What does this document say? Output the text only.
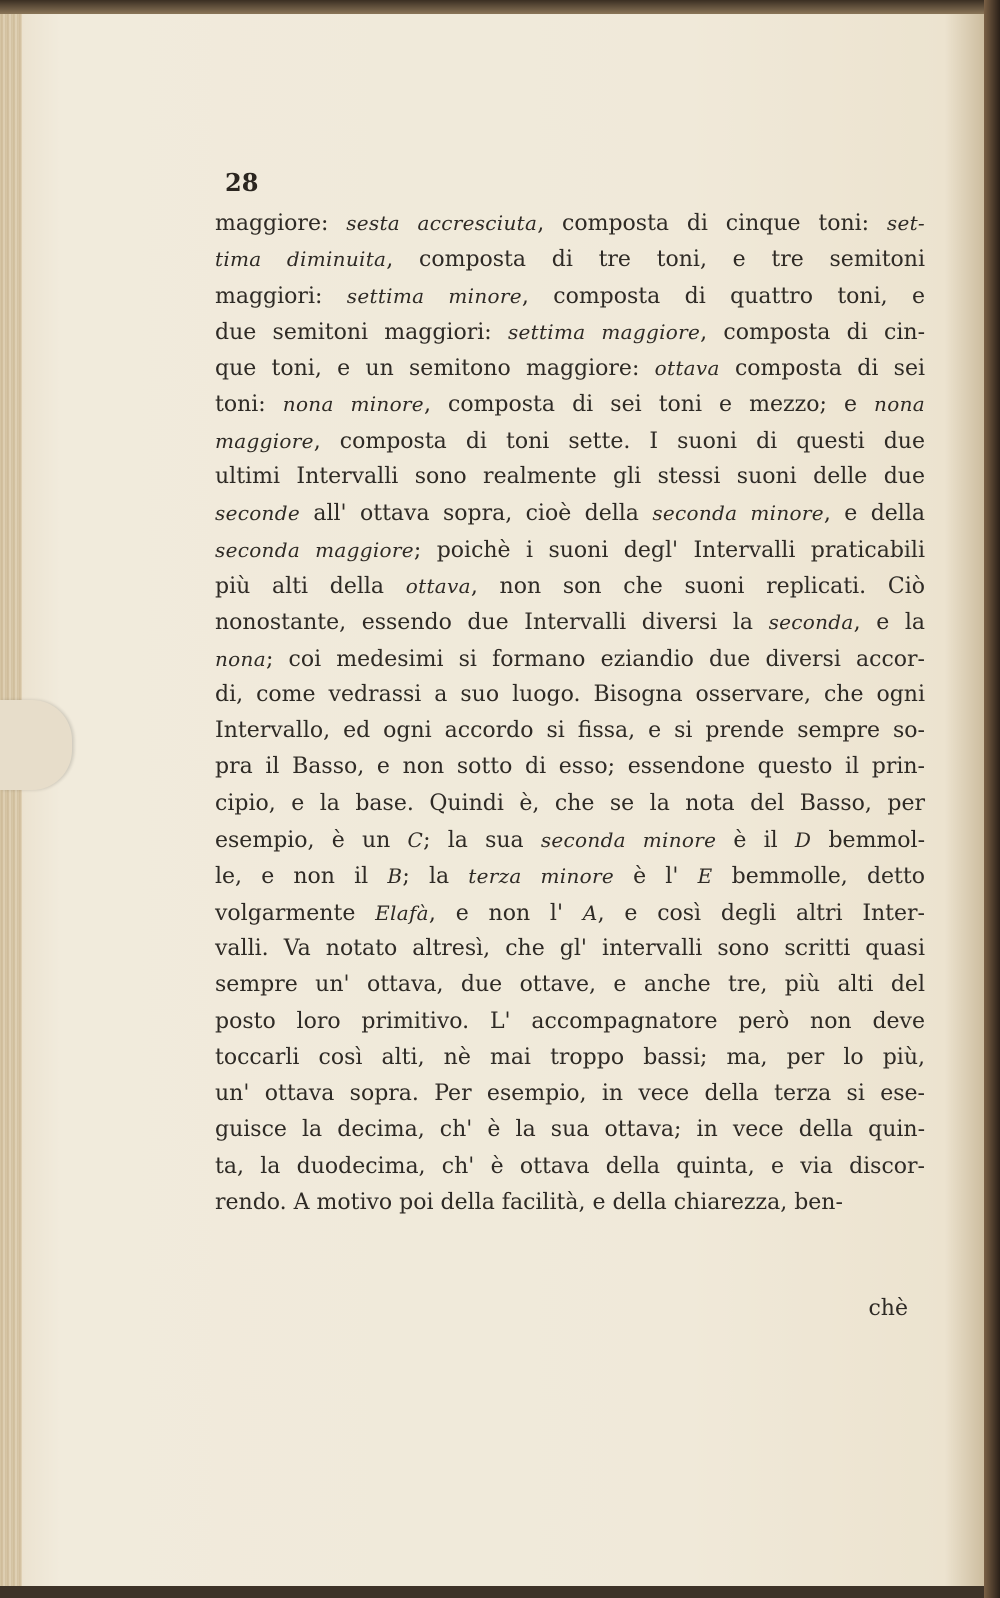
28
maggiore: sesta accresciuta, composta di cinque toni: set-
tima diminuita, composta di tre toni, e tre semitoni
maggiori: settima minore, composta di quattro toni, e
due semitoni maggiori: settima maggiore, composta di cin-
que toni, e un semitono maggiore: ottava composta di sei
toni: nona minore, composta di sei toni e mezzo; e nona
maggiore, composta di toni sette. I suoni di questi due
ultimi Intervalli sono realmente gli stessi suoni delle due
seconde all' ottava sopra, cioè della seconda minore, e della
seconda maggiore; poichè i suoni degl' Intervalli praticabili
più alti della ottava, non son che suoni replicati. Ciò
nonostante, essendo due Intervalli diversi la seconda, e la
nona; coi medesimi si formano eziandio due diversi accor-
di, come vedrassi a suo luogo. Bisogna osservare, che ogni
Intervallo, ed ogni accordo si fissa, e si prende sempre so-
pra il Basso, e non sotto di esso; essendone questo il prin-
cipio, e la base. Quindi è, che se la nota del Basso, per
esempio, è un C; la sua seconda minore è il D bemmol-
le, e non il B; la terza minore è l' E bemmolle, detto
volgarmente Elafà, e non l' A, e così degli altri Inter-
valli. Va notato altresì, che gl' intervalli sono scritti quasi
sempre un' ottava, due ottave, e anche tre, più alti del
posto loro primitivo. L' accompagnatore però non deve
toccarli così alti, nè mai troppo bassi; ma, per lo più,
un' ottava sopra. Per esempio, in vece della terza si ese-
guisce la decima, ch' è la sua ottava; in vece della quin-
ta, la duodecima, ch' è ottava della quinta, e via discor-
rendo. A motivo poi della facilità, e della chiarezza, ben-
chè
